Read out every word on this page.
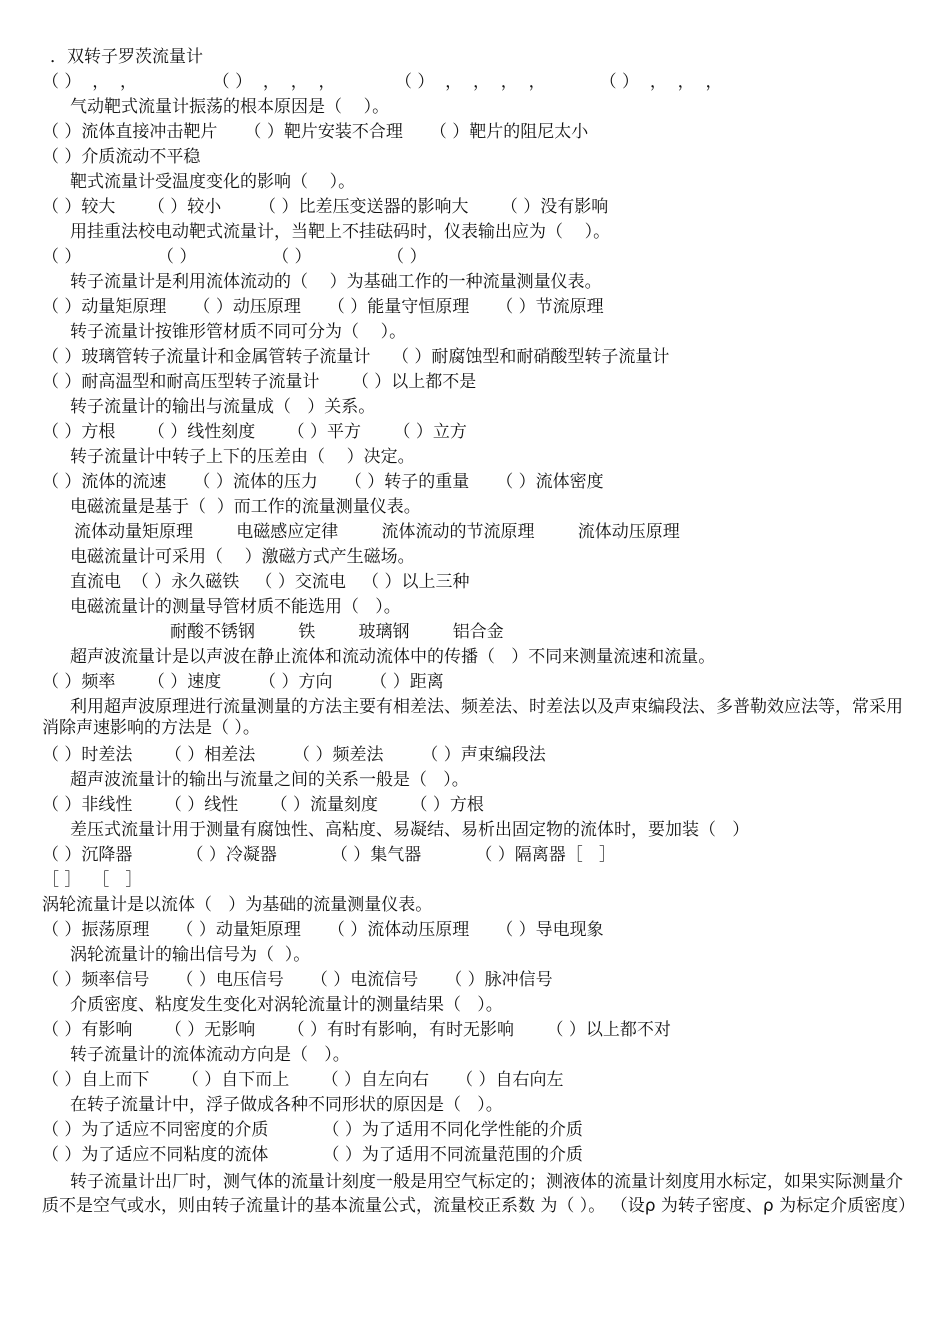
．双转子罗茨流量计
（ ）  ，  ，              （ ）  ，  ，  ，           （ ）  ，  ，  ，  ，          （ ）  ，  ，  ，
气动靶式流量计振荡的根本原因是（    ）。
（ ）流体直接冲击靶片     （ ）靶片安装不合理     （ ）靶片的阻尼太小
（ ）介质流动不平稳
靶式流量计受温度变化的影响（    ）。
（ ）较大      （ ）较小       （ ）比差压变送器的影响大      （ ）没有影响
用挂重法校电动靶式流量计，当靶上不挂砝码时，仪表输出应为（    ）。
（ ）              （ ）              （ ）              （ ）
转子流量计是利用流体流动的（    ）为基础工作的一种流量测量仪表。
（ ）动量矩原理     （ ）动压原理     （ ）能量守恒原理     （ ）节流原理
转子流量计按锥形管材质不同可分为（    ）。
（ ）玻璃管转子流量计和金属管转子流量计    （ ）耐腐蚀型和耐硝酸型转子流量计
（ ）耐高温型和耐高压型转子流量计      （ ）以上都不是
转子流量计的输出与流量成（   ）关系。
（ ）方根      （ ）线性刻度      （ ）平方      （ ）立方
转子流量计中转子上下的压差由（    ）决定。
（ ）流体的流速     （ ）流体的压力     （ ）转子的重量     （ ）流体密度
电磁流量是基于（  ）而工作的流量测量仪表。
流体动量矩原理        电磁感应定律        流体流动的节流原理        流体动压原理
电磁流量计可采用（    ）激磁方式产生磁场。
直流电  （ ）永久磁铁   （ ）交流电   （ ）以上三种
电磁流量计的测量导管材质不能选用（   ）。
耐酸不锈钢        铁        玻璃钢        铝合金
超声波流量计是以声波在静止流体和流动流体中的传播（   ）不同来测量流速和流量。
（ ）频率      （ ）速度       （ ）方向       （ ）距离
利用超声波原理进行流量测量的方法主要有相差法、频差法、时差法以及声束编段法、多普勒效应法等，常采用消除声速影响的方法是（ ）。
（ ）时差法      （ ）相差法       （ ）频差法       （ ）声束编段法
超声波流量计的输出与流量之间的关系一般是（   ）。
（ ）非线性      （ ）线性      （ ）流量刻度      （ ）方根
差压式流量计用于测量有腐蚀性、高粘度、易凝结、易析出固定物的流体时，要加装（   ）
（ ）沉降器          （ ）冷凝器          （ ）集气器          （ ）隔离器［   ］
［ ］  ［   ］
涡轮流量计是以流体（   ）为基础的流量测量仪表。
（ ）振荡原理     （ ）动量矩原理     （ ）流体动压原理     （ ）导电现象
涡轮流量计的输出信号为（  ）。
（ ）频率信号     （ ）电压信号     （ ）电流信号     （ ）脉冲信号
介质密度、粘度发生变化对涡轮流量计的测量结果（   ）。
（ ）有影响      （ ）无影响      （ ）有时有影响，有时无影响      （ ）以上都不对
转子流量计的流体流动方向是（   ）。
（ ）自上而下      （ ）自下而上      （ ）自左向右     （ ）自右向左
在转子流量计中，浮子做成各种不同形状的原因是（   ）。
（ ）为了适应不同密度的介质          （ ）为了适用不同化学性能的介质
（ ）为了适应不同粘度的流体          （ ）为了适用不同流量范围的介质
转子流量计出厂时，测气体的流量计刻度一般是用空气标定的；测液体的流量计刻度用水标定，如果实际测量介质不是空气或水，则由转子流量计的基本流量公式，流量校正系数 为（ ）。 （设ρ 为转子密度、ρ 为标定介质密度）
